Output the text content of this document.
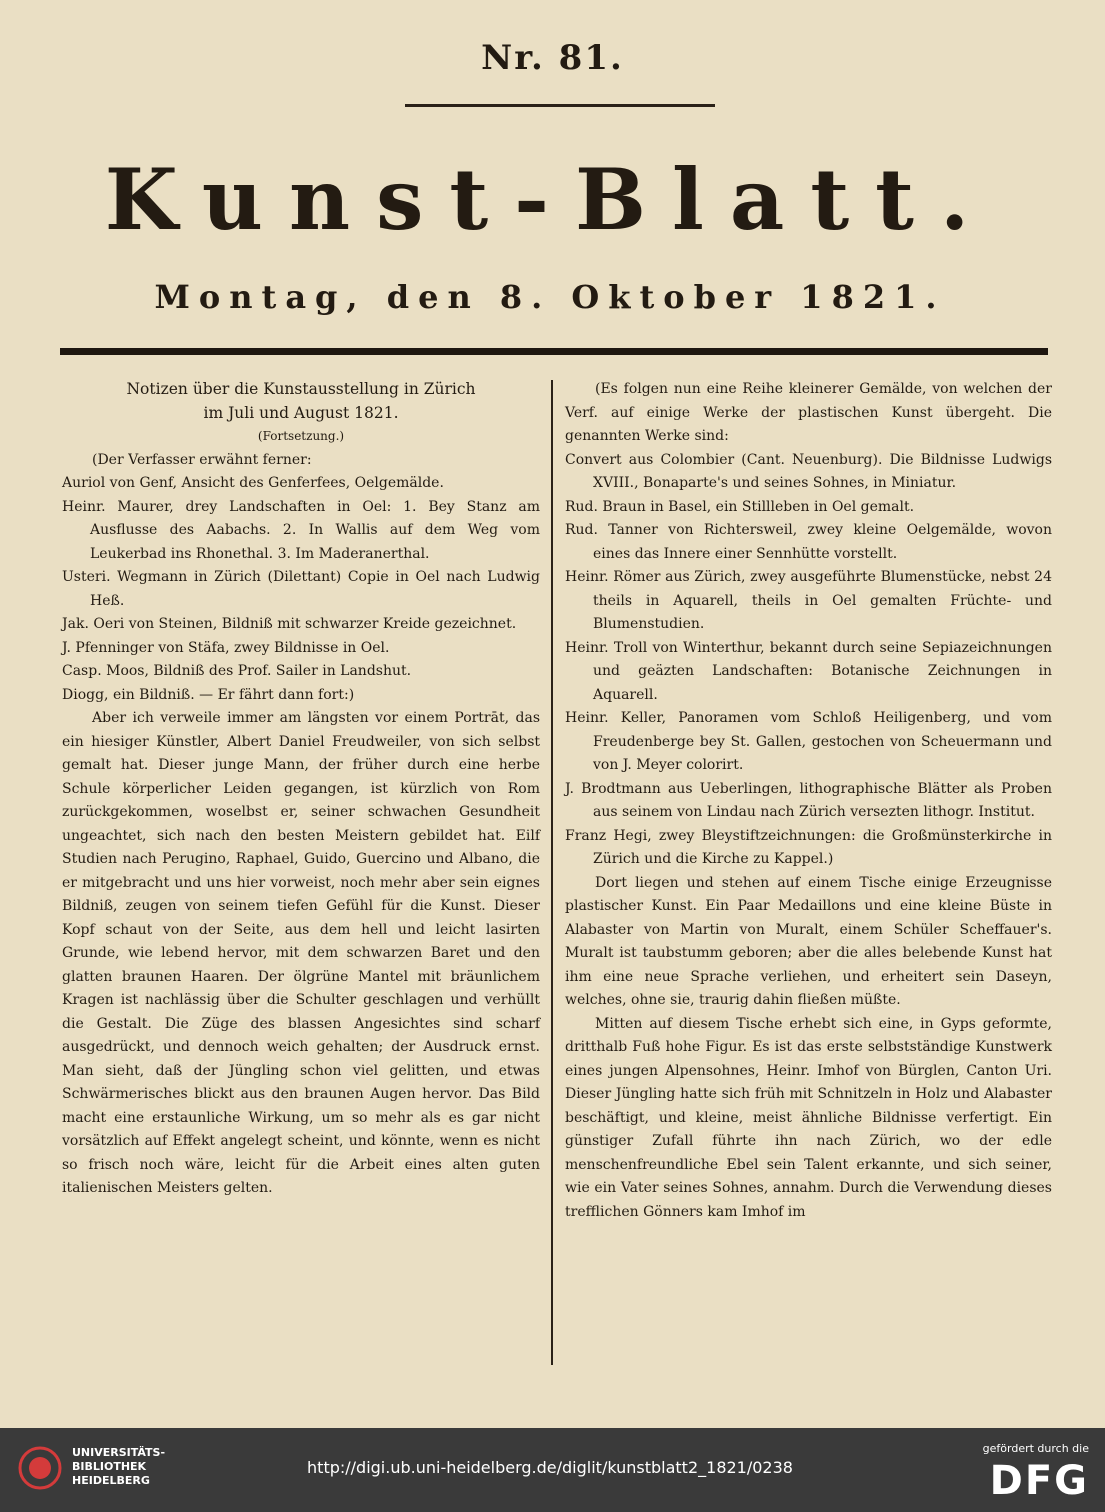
Nr. 81.
Kunst-Blatt.
Montag, den 8. Oktober 1821.

Notizen über die Kunstausstellung in Zürich

im Juli und August 1821.

(Fortsetzung.)

(Der Verfasser erwähnt ferner:

Auriol von Genf, Ansicht des Genferfees, Oelgemälde.

Heinr. Maurer, drey Landschaften in Oel: 1. Bey Stanz am Ausflusse des Aabachs. 2. In Wallis auf dem Weg vom Leukerbad ins Rhonethal. 3. Im Maderanerthal.

Usteri. Wegmann in Zürich (Dilettant) Copie in Oel nach Ludwig Heß.

Jak. Oeri von Steinen, Bildniß mit schwarzer Kreide gezeichnet.

J. Pfenninger von Stäfa, zwey Bildnisse in Oel.

Casp. Moos, Bildniß des Prof. Sailer in Landshut.

Diogg, ein Bildniß. — Er fährt dann fort:)

Aber ich verweile immer am längsten vor einem Portrāt, das ein hiesiger Künstler, Albert Daniel Freudweiler, von sich selbst gemalt hat. Dieser junge Mann, der früher durch eine herbe Schule körperlicher Leiden gegangen, ist kürzlich von Rom zurückgekommen, woselbst er, seiner schwachen Gesundheit ungeachtet, sich nach den besten Meistern gebildet hat. Eilf Studien nach Perugino, Raphael, Guido, Guercino und Albano, die er mitgebracht und uns hier vorweist, noch mehr aber sein eignes Bildniß, zeugen von seinem tiefen Gefühl für die Kunst. Dieser Kopf schaut von der Seite, aus dem hell und leicht lasirten Grunde, wie lebend hervor, mit dem schwarzen Baret und den glatten braunen Haaren. Der ölgrüne Mantel mit bräunlichem Kragen ist nachlässig über die Schulter geschlagen und verhüllt die Gestalt. Die Züge des blassen Angesichtes sind scharf ausgedrückt, und dennoch weich gehalten; der Ausdruck ernst. Man sieht, daß der Jüngling schon viel gelitten, und etwas Schwärmerisches blickt aus den braunen Augen hervor. Das Bild macht eine erstaunliche Wirkung, um so mehr als es gar nicht vorsätzlich auf Effekt angelegt scheint, und könnte, wenn es nicht so frisch noch wäre, leicht für die Arbeit eines alten guten italienischen Meisters gelten.

(Es folgen nun eine Reihe kleinerer Gemälde, von welchen der Verf. auf einige Werke der plastischen Kunst übergeht. Die genannten Werke sind:

Convert aus Colombier (Cant. Neuenburg). Die Bildnisse Ludwigs XVIII., Bonaparte's und seines Sohnes, in Miniatur.

Rud. Braun in Basel, ein Stillleben in Oel gemalt.

Rud. Tanner von Richtersweil, zwey kleine Oelgemälde, wovon eines das Innere einer Sennhütte vorstellt.

Heinr. Römer aus Zürich, zwey ausgeführte Blumenstücke, nebst 24 theils in Aquarell, theils in Oel gemalten Früchte- und Blumenstudien.

Heinr. Troll von Winterthur, bekannt durch seine Sepiazeichnungen und geäzten Landschaften: Botanische Zeichnungen in Aquarell.

Heinr. Keller, Panoramen vom Schloß Heiligenberg, und vom Freudenberge bey St. Gallen, gestochen von Scheuermann und von J. Meyer colorirt.

J. Brodtmann aus Ueberlingen, lithographische Blätter als Proben aus seinem von Lindau nach Zürich versezten lithogr. Institut.

Franz Hegi, zwey Bleystiftzeichnungen: die Großmünsterkirche in Zürich und die Kirche zu Kappel.)

Dort liegen und stehen auf einem Tische einige Erzeugnisse plastischer Kunst. Ein Paar Medaillons und eine kleine Büste in Alabaster von Martin von Muralt, einem Schüler Scheffauer's. Muralt ist taubstumm geboren; aber die alles belebende Kunst hat ihm eine neue Sprache verliehen, und erheitert sein Daseyn, welches, ohne sie, traurig dahin fließen müßte.

Mitten auf diesem Tische erhebt sich eine, in Gyps geformte, dritthalb Fuß hohe Figur. Es ist das erste selbstständige Kunstwerk eines jungen Alpensohnes, Heinr. Imhof von Bürglen, Canton Uri. Dieser Jüngling hatte sich früh mit Schnitzeln in Holz und Alabaster beschäftigt, und kleine, meist ähnliche Bildnisse verfertigt. Ein günstiger Zufall führte ihn nach Zürich, wo der edle menschenfreundliche Ebel sein Talent erkannte, und sich seiner, wie ein Vater seines Sohnes, annahm. Durch die Verwendung dieses trefflichen Gönners kam Imhof im

UNIVERSITÄTS-
BIBLIOTHEK
HEIDELBERG
http://digi.ub.uni-heidelberg.de/diglit/kunstblatt2_1821/0238
gefördert durch die
DFG
